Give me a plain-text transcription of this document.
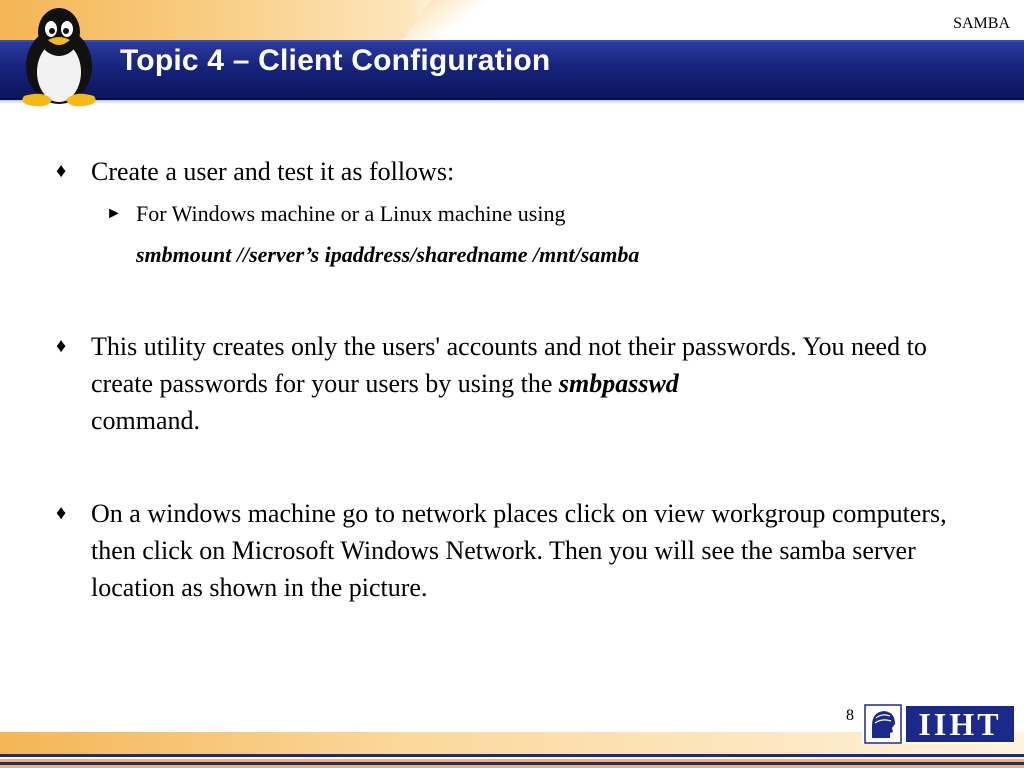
SAMBA
Topic 4 – Client Configuration
♦ Create a user and test it as follows:
► For Windows machine or a Linux machine using
smbmount //server’s ipaddress/sharedname /mnt/samba
♦ This utility creates only the users' accounts and not their passwords. You need to create passwords for your users by using the smbpasswd
command.
♦ On a windows machine go to network places click on view workgroup computers, then click on Microsoft Windows Network. Then you will see the samba server location as shown in the picture.
8	IIHT
